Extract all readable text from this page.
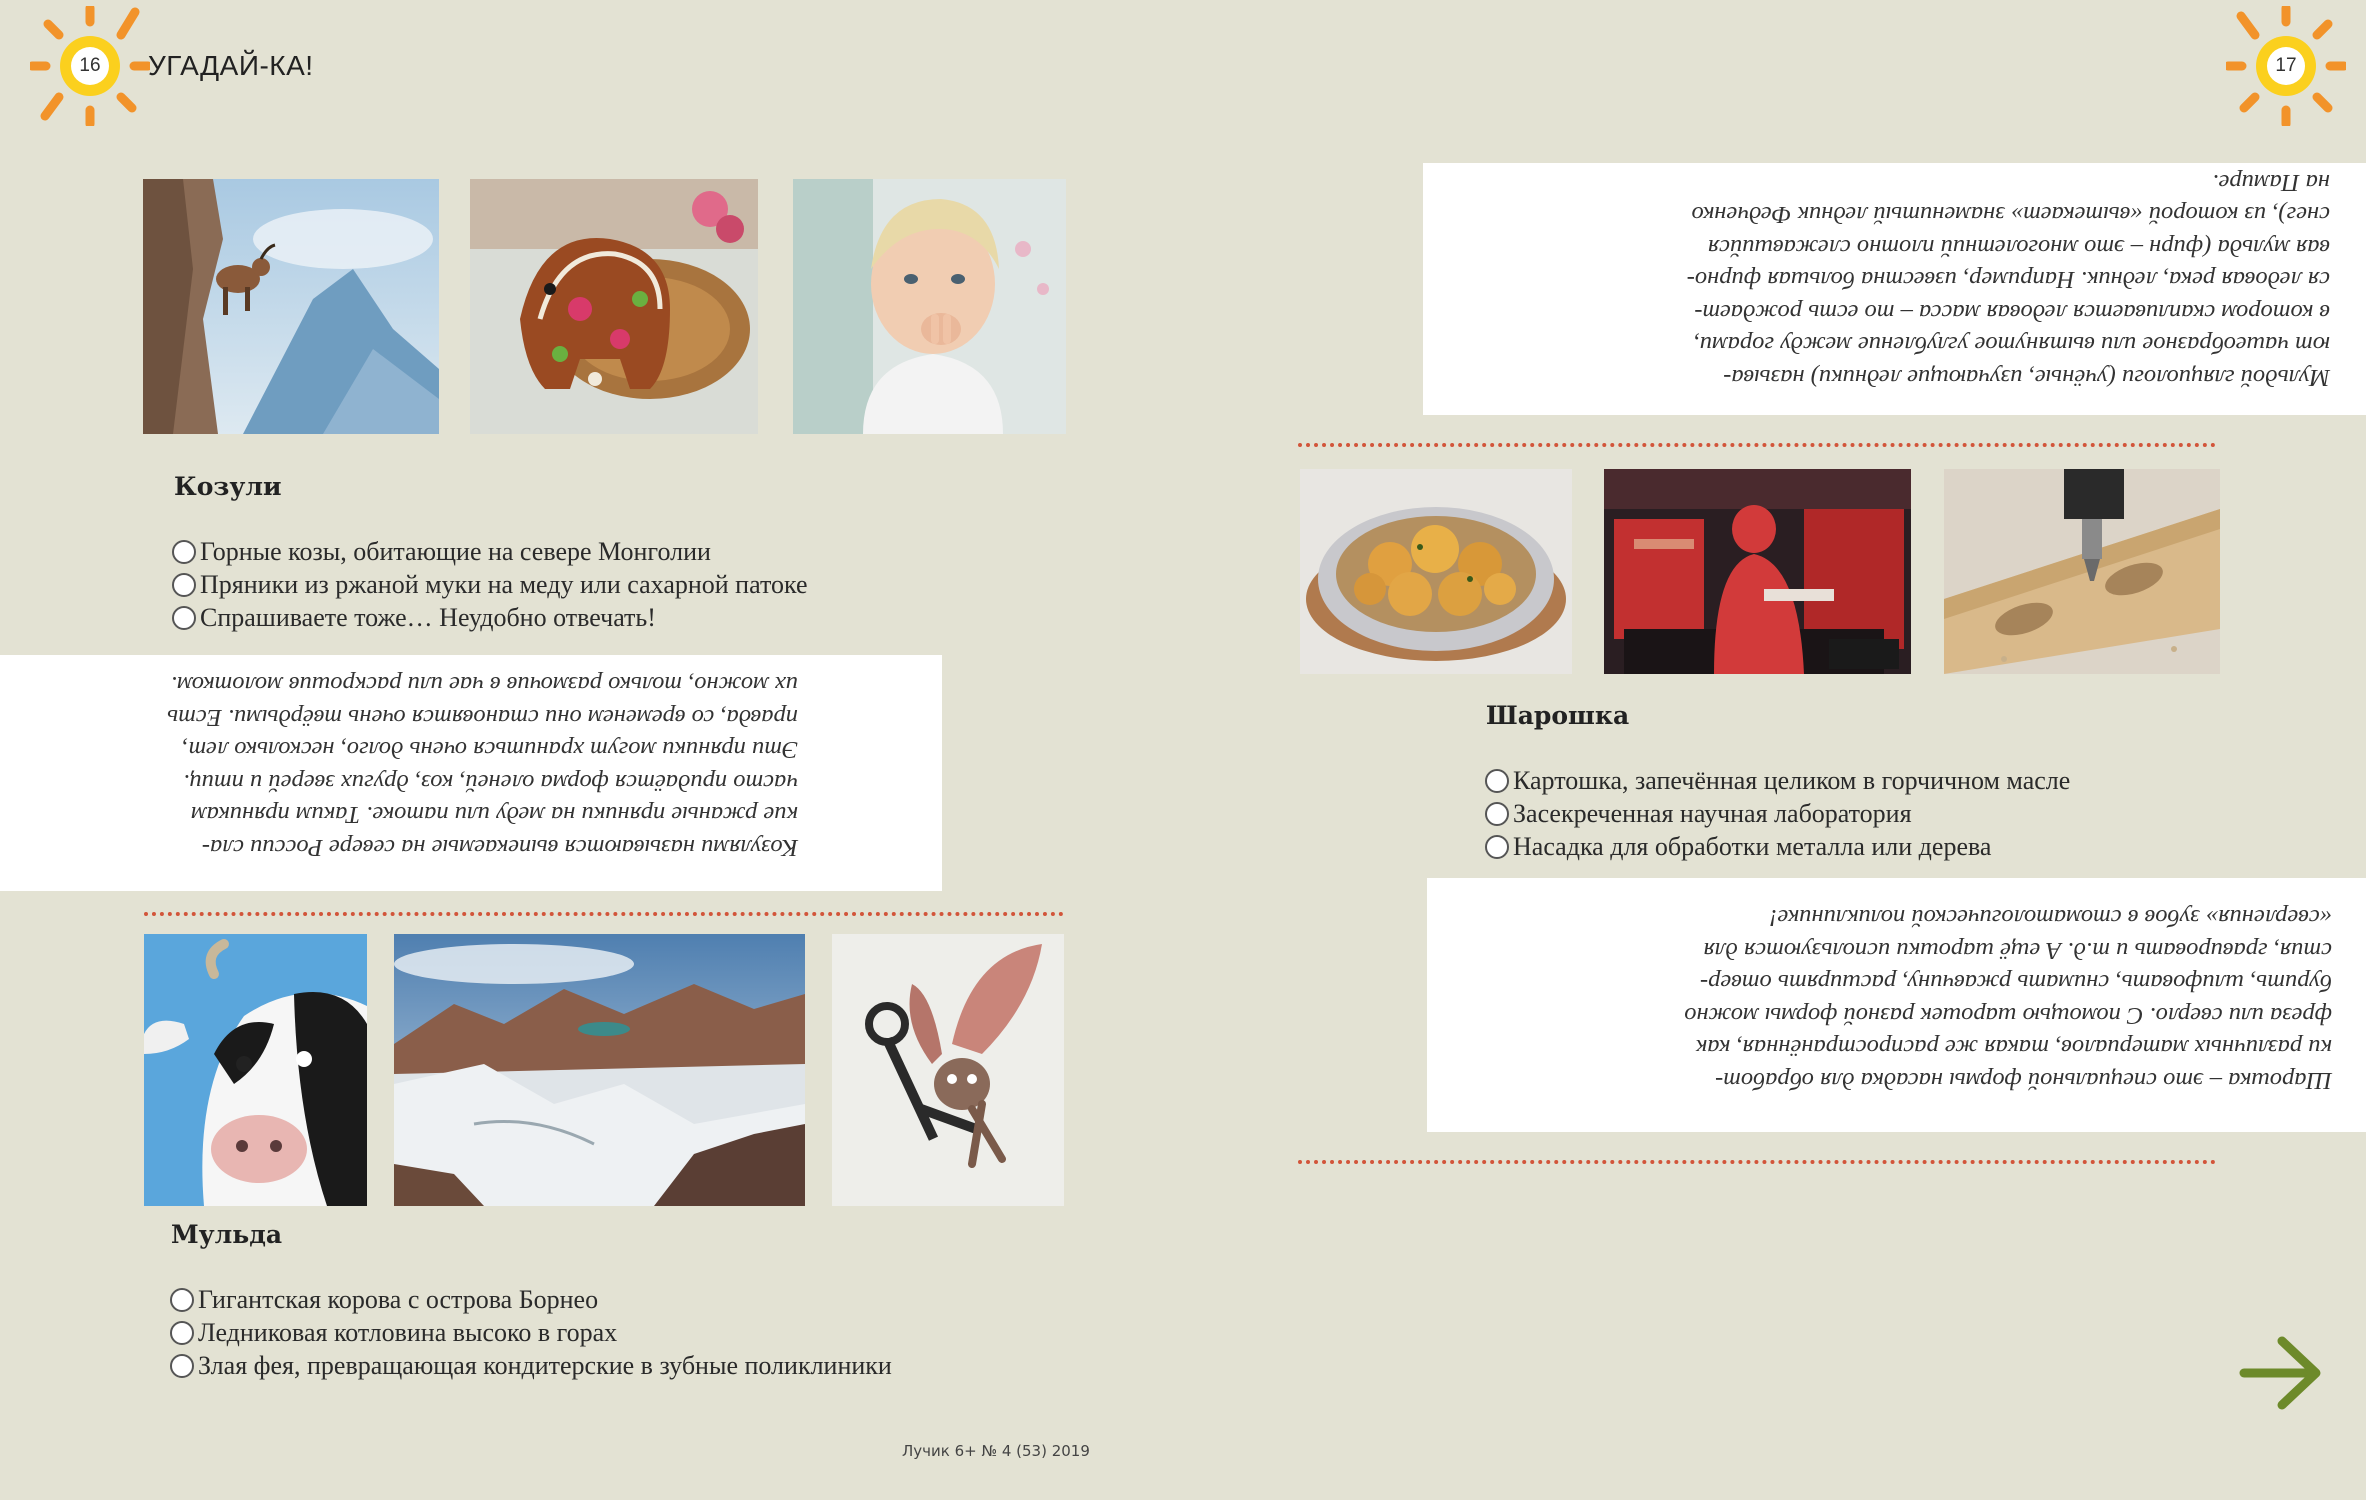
16	УГАДАЙ-КА!	17
Козули
Горные козы, обитающие на севере Монголии
Пряники из ржаной муки на меду или сахарной патоке
Спрашиваете тоже… Неудобно отвечать!
Козулями называются выпекаемые на севере России сла-
кие ржаные пряники на меду или патоке. Таким пряникам
часто придаётся форма оленей, коз, других зверей и птиц.
Эти пряники могут храниться очень долго, несколько лет,
правда, со временем они становятся очень твёрдыми. Есть
их можно, только размочив в чае или раскрошив молотком.
Мульда
Гигантская корова с острова Борнео
Ледниковая котловина высоко в горах
Злая фея, превращающая кондитерские в зубные поликлиники
Лучик 6+ № 4 (53) 2019
Мульдой гляциологи (учёные, изучающие ледники) называ-
ют чашеобразное или вытянутое углубление между горами,
в котором скапливается ледовая масса – то есть рождает-
ся ледовая река, ледник. Например, известна большая фирно-
вая мульда (фирн – это многолетний плотно слежавшийся
снег), из которой «вытекает» знаменитый ледник Федченко
на Памире.
Шарошка
Картошка, запечённая целиком в горчичном масле
Засекреченная научная лаборатория
Насадка для обработки металла или дерева
Шарошка – это специальной формы насадка для обработ-
ки различных материалов, такая же распространённая, как
фреза или сверло. С помощью шарошек разной формы можно
бурить, шлифовать, снимать ржавчину, расширять отвер-
стия, гравировать и т.д. А ещё шарошки используются для
«сверления» зубов в стоматологической поликлинике!
